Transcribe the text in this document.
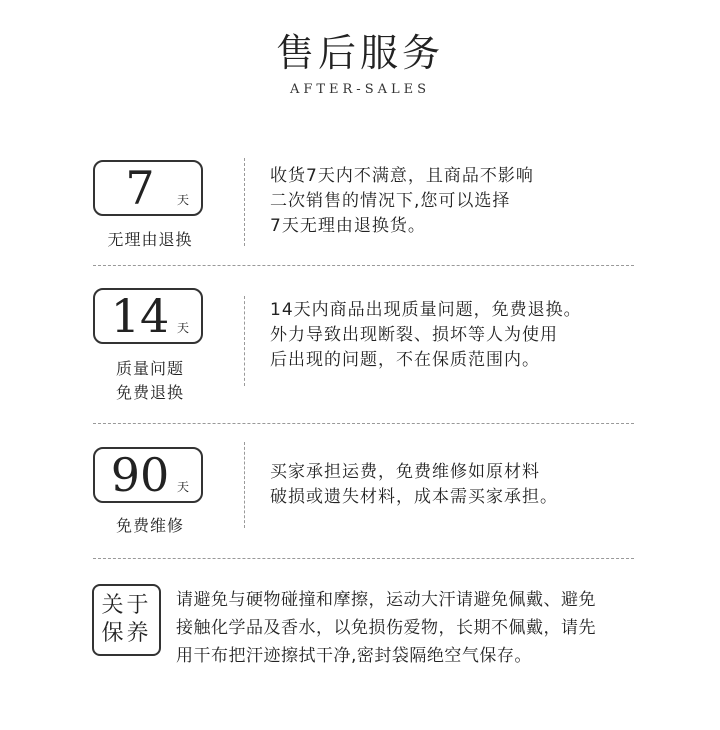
售后服务
AFTER-SALES
7	天
无理由退换
收货7天内不满意，且商品不影响
二次销售的情况下,您可以选择
7天无理由退换货。
14 天
质量问题
免费退换
14天内商品出现质量问题，免费退换。
外力导致出现断裂、损坏等人为使用
后出现的问题，不在保质范围内。
90 天
免费维修
买家承担运费，免费维修如原材料
破损或遗失材料，成本需买家承担。
关于
保养
请避免与硬物碰撞和摩擦，运动大汗请避免佩戴、避免
接触化学品及香水，以免损伤爱物，长期不佩戴，请先
用干布把汗迹擦拭干净,密封袋隔绝空气保存。
